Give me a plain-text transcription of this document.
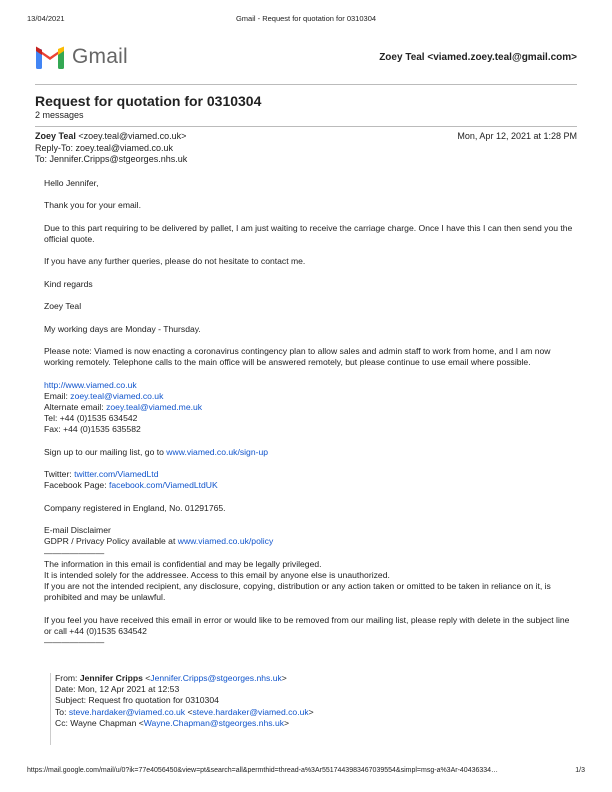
13/04/2021	Gmail - Request for quotation for 0310304
Gmail	Zoey Teal <viamed.zoey.teal@gmail.com>
Request for quotation for 0310304
2 messages
Zoey Teal <zoey.teal@viamed.co.uk>	Mon, Apr 12, 2021 at 1:28 PM
Reply-To: zoey.teal@viamed.co.uk
To: Jennifer.Cripps@stgeorges.nhs.uk

Hello Jennifer,

Thank you for your email.

Due to this part requiring to be delivered by pallet, I am just waiting to receive the carriage charge. Once I have this I can then send you the official quote.

If you have any further queries, please do not hesitate to contact me.

Kind regards

Zoey Teal

My working days are Monday - Thursday.

Please note: Viamed is now enacting a coronavirus contingency plan to allow sales and admin staff to work from home, and I am now working remotely. Telephone calls to the main office will be answered remotely, but please continue to use email where possible.

http://www.viamed.co.uk
Email: zoey.teal@viamed.co.uk
Alternate email: zoey.teal@viamed.me.uk
Tel: +44 (0)1535 634542
Fax: +44 (0)1535 635582

Sign up to our mailing list, go to www.viamed.co.uk/sign-up

Twitter: twitter.com/ViamedLtd
Facebook Page: facebook.com/ViamedLtdUK

Company registered in England, No. 01291765.

E-mail Disclaimer
GDPR / Privacy Policy available at www.viamed.co.uk/policy
———————
The information in this email is confidential and may be legally privileged.
It is intended solely for the addressee. Access to this email by anyone else is unauthorized.
If you are not the intended recipient, any disclosure, copying, distribution or any action taken or omitted to be taken in reliance on it, is prohibited and may be unlawful.

If you feel you have received this email in error or would like to be removed from our mailing list, please reply with delete in the subject line or call +44 (0)1535 634542
———————

From: Jennifer Cripps <Jennifer.Cripps@stgeorges.nhs.uk>
Date: Mon, 12 Apr 2021 at 12:53
Subject: Request fro quotation for 0310304
To: steve.hardaker@viamed.co.uk <steve.hardaker@viamed.co.uk>
Cc: Wayne Chapman <Wayne.Chapman@stgeorges.nhs.uk>
https://mail.google.com/mail/u/0?ik=77e4056450&view=pt&search=all&permthid=thread-a%3Ar5517443983467039554&simpl=msg-a%3Ar-40436334…	1/3
